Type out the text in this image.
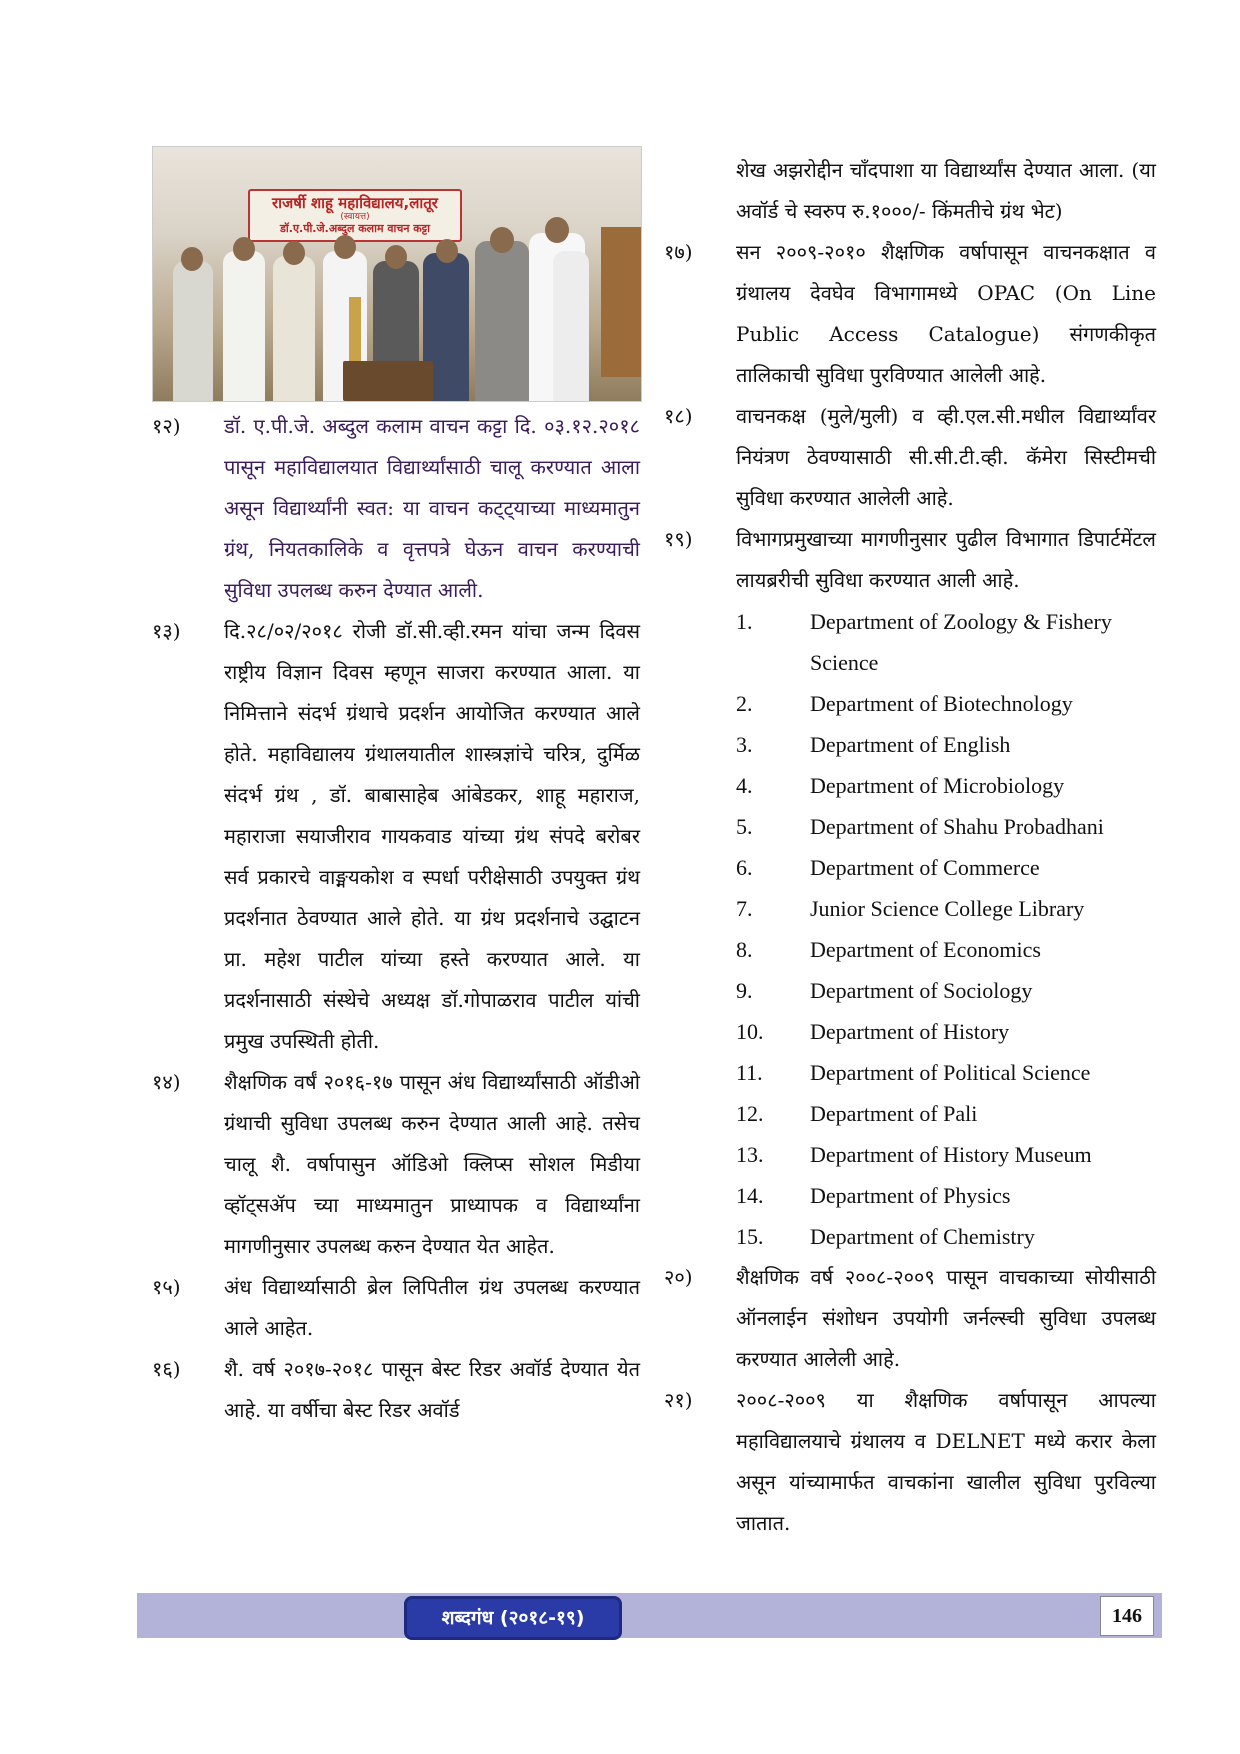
राजर्षी शाहू महाविद्यालय,लातूर
(स्वायत्त)
डॉ.ए.पी.जे.अब्दुल कलाम वाचन कट्टा
१२)	डॉ. ए.पी.जे. अब्दुल कलाम वाचन कट्टा दि. ०३.१२.२०१८ पासून महाविद्यालयात विद्यार्थ्यांसाठी चालू करण्यात आला असून विद्यार्थ्यांनी स्वत: या वाचन कट्ट्याच्या माध्यमातुन ग्रंथ, नियतकालिके व वृत्तपत्रे घेऊन वाचन करण्याची सुविधा उपलब्ध करुन देण्यात आली.
१३)	दि.२८/०२/२०१८ रोजी डॉ.सी.व्ही.रमन यांचा जन्म दिवस राष्ट्रीय विज्ञान दिवस म्हणून साजरा करण्यात आला. या निमित्ताने संदर्भ ग्रंथाचे प्रदर्शन आयोजित करण्यात आले होते. महाविद्यालय ग्रंथालयातील शास्त्रज्ञांचे चरित्र, दुर्मिळ संदर्भ ग्रंथ , डॉ. बाबासाहेब आंबेडकर, शाहू महाराज, महाराजा सयाजीराव गायकवाड यांच्या ग्रंथ संपदे बरोबर सर्व प्रकारचे वाङ्मयकोश व स्पर्धा परीक्षेसाठी उपयुक्त ग्रंथ प्रदर्शनात ठेवण्यात आले होते. या ग्रंथ प्रदर्शनाचे उद्घाटन प्रा. महेश पाटील यांच्या हस्ते करण्यात आले. या प्रदर्शनासाठी संस्थेचे अध्यक्ष डॉ.गोपाळराव पाटील यांची प्रमुख उपस्थिती होती.
१४)	शैक्षणिक वर्षं २०१६-१७ पासून अंध विद्यार्थ्यांसाठी ऑडीओ ग्रंथाची सुविधा उपलब्ध करुन देण्यात आली आहे. तसेच चालू शै. वर्षापासुन ऑडिओ क्लिप्स सोशल मिडीया व्हॉट्सॲप च्या माध्यमातुन प्राध्यापक व विद्यार्थ्यांना मागणीनुसार उपलब्ध करुन देण्यात येत आहेत.
१५)	अंध विद्यार्थ्यासाठी ब्रेल लिपितील ग्रंथ उपलब्ध करण्यात आले आहेत.
१६)	शै. वर्ष २०१७-२०१८ पासून बेस्ट रिडर अवॉर्ड देण्यात येत आहे. या वर्षीचा बेस्ट रिडर अवॉर्ड
शेख अझरोद्दीन चाँदपाशा या विद्यार्थ्यांस देण्यात आला. (या अवॉर्ड चे स्वरुप रु.१०००/- किंमतीचे ग्रंथ भेट)
१७)	सन २००९-२०१० शैक्षणिक वर्षापासून वाचनकक्षात व ग्रंथालय देवघेव विभागामध्ये OPAC (On Line Public Access Catalogue) संगणकीकृत तालिकाची सुविधा पुरविण्यात आलेली आहे.
१८)	वाचनकक्ष (मुले/मुली) व व्ही.एल.सी.मधील विद्यार्थ्यांवर नियंत्रण ठेवण्यासाठी सी.सी.टी.व्ही. कॅमेरा सिस्टीमची सुविधा करण्यात आलेली आहे.
१९)	विभागप्रमुखाच्या मागणीनुसार पुढील विभागात डिपार्टमेंटल लायब्ररीची सुविधा करण्यात आली आहे.
1.	Department of Zoology & Fishery
Science
2.	Department of Biotechnology
3.	Department of English
4.	Department of Microbiology
5.	Department of Shahu Probadhani
6.	Department of Commerce
7.	Junior Science College Library
8.	Department of Economics
9.	Department of Sociology
10.	Department of History
11.	Department of Political Science
12.	Department of Pali
13.	Department of History Museum
14.	Department of Physics
15.	Department of Chemistry
२०)	शैक्षणिक वर्ष २००८-२००९ पासून वाचकाच्या सोयीसाठी ऑनलाईन संशोधन उपयोगी जर्नल्स्ची सुविधा उपलब्ध करण्यात आलेली आहे.
२१)	२००८-२००९ या शैक्षणिक वर्षापासून आपल्या महाविद्यालयाचे ग्रंथालय व DELNET मध्ये करार केला असून यांच्यामार्फत वाचकांना खालील सुविधा पुरविल्या जातात.
शब्दगंध (२०१८-१९)	146
